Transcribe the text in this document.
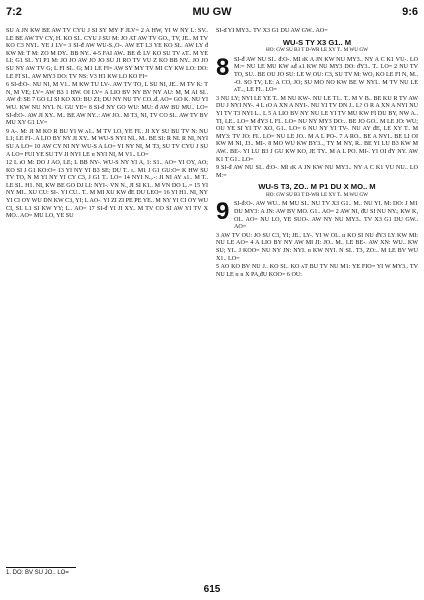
7:2	MU GW	9:6

SU A JN KW BE AW TV CYU J SI SY MY F JLV= 2 A HW, YI W NY L: SV.. LE BE AW TV CY, H. KO SI.. CYU J SU M: JO AT AW TV GO., TV, JE.. M TV KO C3 NYI.. YE J LV= 3 SI-ᵭ AW WU-S.,O-. AW ET L3 YE KO SI.. AW LY ᵭ KW M: T M: ZO M DY.. BB NY.. 4-5 FAI AW.. BE ᵭ: LV KO SU TV ᴧT.. M YE LI: G1 SI.. YI P1 M: JO JO AW JO JO SU JI RO TV VU Z KO BB NY.. JO JO SU NY AW TV G; L FI SI.. G; M1 LE FI= AW SY MY TV MI CY KW LO: DO: LE FI SI.. AW MY3 DO: TV NS: V3 H1 KW LO KO FI=

6 SI-ᵭ:O-. NU NI, M V1.. M KW TU LV-. AW TV TO, L SU NI, JE.. M TV K: T N, M VE; LV= AW B3 1 HW. OI LV= A LIO BV NY BV NY AU: M, M AI SI.. AW ᵭ: SE 7 GO LI SI KO XO: BU ZI; DU NY NU TV CO..ᵭ. AO= GO K. NU YI WU. KW NU NYI. N. GU YE= 8 SI-ᵭ NY GO WU: MU: ᵭ AW BU MU.. LO= SI-ᵭ:O-. AW JI XY.. M.. BE AW NY..: AW JO.. M T3, NI, TV CO SI.. AW TV BV MU XY G1 LV=

9 A-. M: JI M KO R BU YI W ᴧ1.. M TV LO, YE FI.. JI XY SU BU TV N: NU L1; LE FI-. A LIO BY NY JI XY.. M WU-S NYI NI.. M.. BE SI: R NI. R NI, NYI SU A LO= 10 AW CY NI NY WU-S A LO= YI NY NI, M T3, SU TV CYU J SU A LO= FUI YE SU TV JI NYI LE ɪɪ NYI NI, M V1.. LO=

12 L ɪO M: DO J AO, LE; L BB NY-. WU-S NY YI A, 1: S1.. AO= YI OY, AO; KO SI J G1 KO:O= 13 YI NY YI B3 SE; DU T.. ɪ.. M1 J G1 GU:O= K HW SU TV TO, N M YI NY YI CY C3, J G1 T.. LO= 14 NYI N.,.-: JI NI AY ᴧ1.. M T.. LE SI.. H1. NI, KW BE GO DJ LI: NYI-. VN N., JI SI K1.. M VN DO L..= 15 YI NY MI.. XU CU: SI-. YI CU.. T.. M MI XU KW ᵭE DU LEO= 16 YI H1. NI, NY YI CI OY WU DN KW C3, YI; L AO-. YI ZI ZI PE PE YE.. M NY YI CI OY WU CI, SI. L1 SI KW YY; L.. AO= 17 SI-ᵭ YI JI XY.. M TV CO SI AW YI TV X MO.. AO= MU LO, YE SU

SI-ᵭ YI MY3.. TV X3 G1 DU AW GW.. AO=

WU-S TY X3 G1.. M
HO: GW SU B3 T D-WR LE XY T.. M WU GW
8 SI-ᵭ AW NU SI.. ᵭ:O-. MI ɪK A JN KW NU MY3.. NY A C K1 VU-. LO M:= NU LE MU KW ᴧᵭ ᴧ1 KW NU MY3 DO: ᵭY3.. T.. LO= 2 NU TV TO, SU.. BE OU JO SU: LE W OU: C3, SU TV M: WO, KO LE FI N, M.. -O. SO TV, LE: A CO, JO; SU MO NO KW BE W NYI.. M TV NU LE ᴧT.., LE FI.. LO=

3 NU LY; NYI LE YE T.. M NU KW-. NU LE T1.. T.. M V B.. BE KU R TV AW DU J NYI NY-. 4 L ɪO A XN A NYI-. NU YI TV DN J.. L? O R A XN A NYI NU YI TV T3 NYI L.. L 5 A LIO BV NY NU LE YI TV MU KW FI DU BY, NW A.. TI, LE.. LO= M ᵭY3 L FI.. LO= NU NY MY3 DO:.. BE JO GO.. M LE JO: WU; OU YE SI YI TV XO, G1.. LO= 6 NU NY YI TV-. NU AY ᵭE, LE XY T.. M MY3: TV JO: FI.. LO= NU LE JO.. M A L PO-. 7 A RO.. BE A NYI.. BE LI OI KW M NI, J3.. MI-. 8 MO WU KW BY3.., TY M NY, R.. BE YI LU B3 KW M AW.. BE-. YI LU B3 J GU KW KO, JE TY.. M A L PO. MI-. YI OI ᵭY NY. AW K1 T G1.. LO=

9 SI-ᵭ AW NU SI.. ᵭ:O-. MI ɪK A JN KW NU MY3.. NY A C K1 VU NU.. LO M:=

WU-S T3, ZO.. M P1 DU X MO.. M
HO: GW SU B3 T D-WR LE XY T.. M WU GW
9 SI-ᵭ:O-. AW WU.. M MU SI.. NU TV X3 G1.. M.. NU YI. M: DO: J M1 DU MY3: A JN: AW BV MO. G1.. AO= 2 AW NI, ᵭU SI NU NY.; KW K, OI.. AO= NU LO, YE SUO-. AW NY NU MY3.. TV X3 G1 DU GW.. AO=

3 AW TV OU: JO SU C3, YI; JE.. LY-. YI W OI.. ɪɪ KO SI NU ᵭY3 LY KW MI: NU LE AO= 4 A LIO BY NY AW MI JI: JO.. M.. LE BE-. AW XN: WU.. KW SU; YI.. J KOO= NU NY JN: NYI. ɪɪ KW NYI. N SI.. T3, ZO:.. M LE BV WU X1.. LO=

5 AO KO BV NU J.. KO SI.. KO ᴧT BU TV NU M1: YE FIO= YI W MY3.. TV NU LE ɪɪ ɪɪ X PA,ᵭU KOO= 6 OU:

1. DO: BV SU JO.. LO=
615
